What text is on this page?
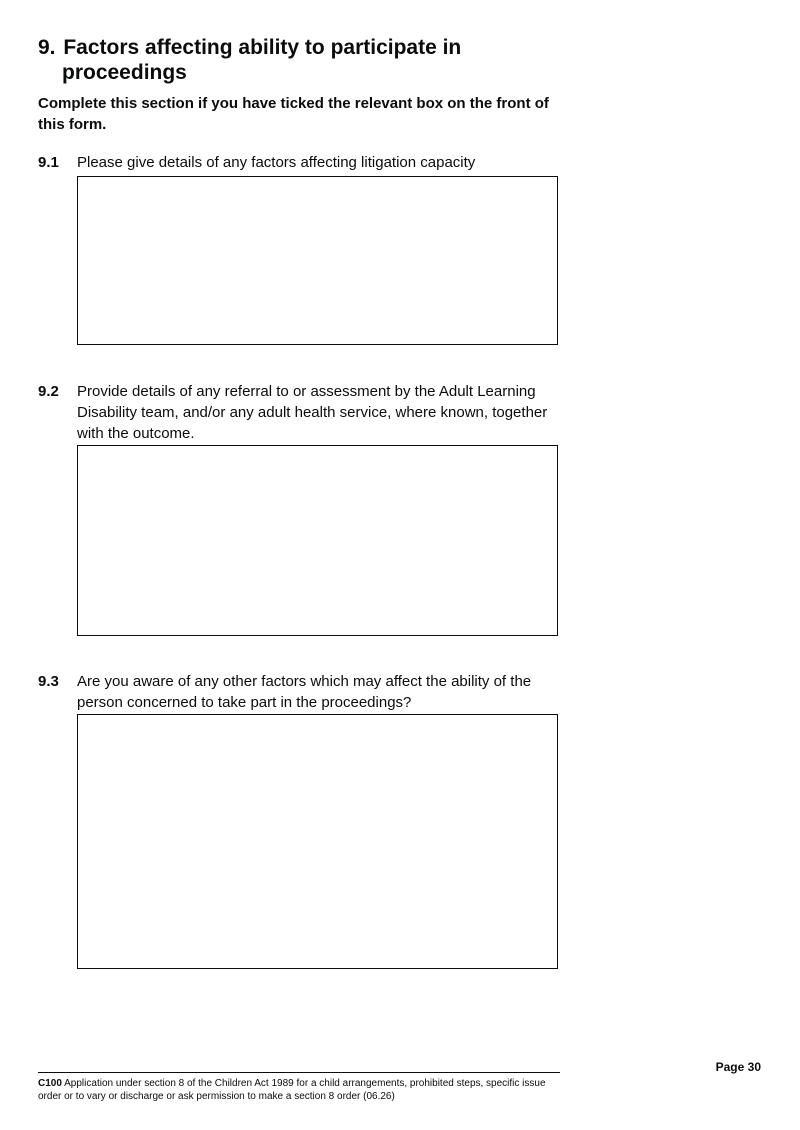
9. Factors affecting ability to participate in
proceedings

Complete this section if you have ticked the relevant box on the front of this form.

9.1 Please give details of any factors affecting litigation capacity
9.2 Provide details of any referral to or assessment by the Adult Learning Disability team, and/or any adult health service, where known, together with the outcome.
9.3 Are you aware of any other factors which may affect the ability of the person concerned to take part in the proceedings?
C100 Application under section 8 of the Children Act 1989 for a child arrangements, prohibited steps, specific issue order or to vary or discharge or ask permission to make a section 8 order (06.26)
Page 30
